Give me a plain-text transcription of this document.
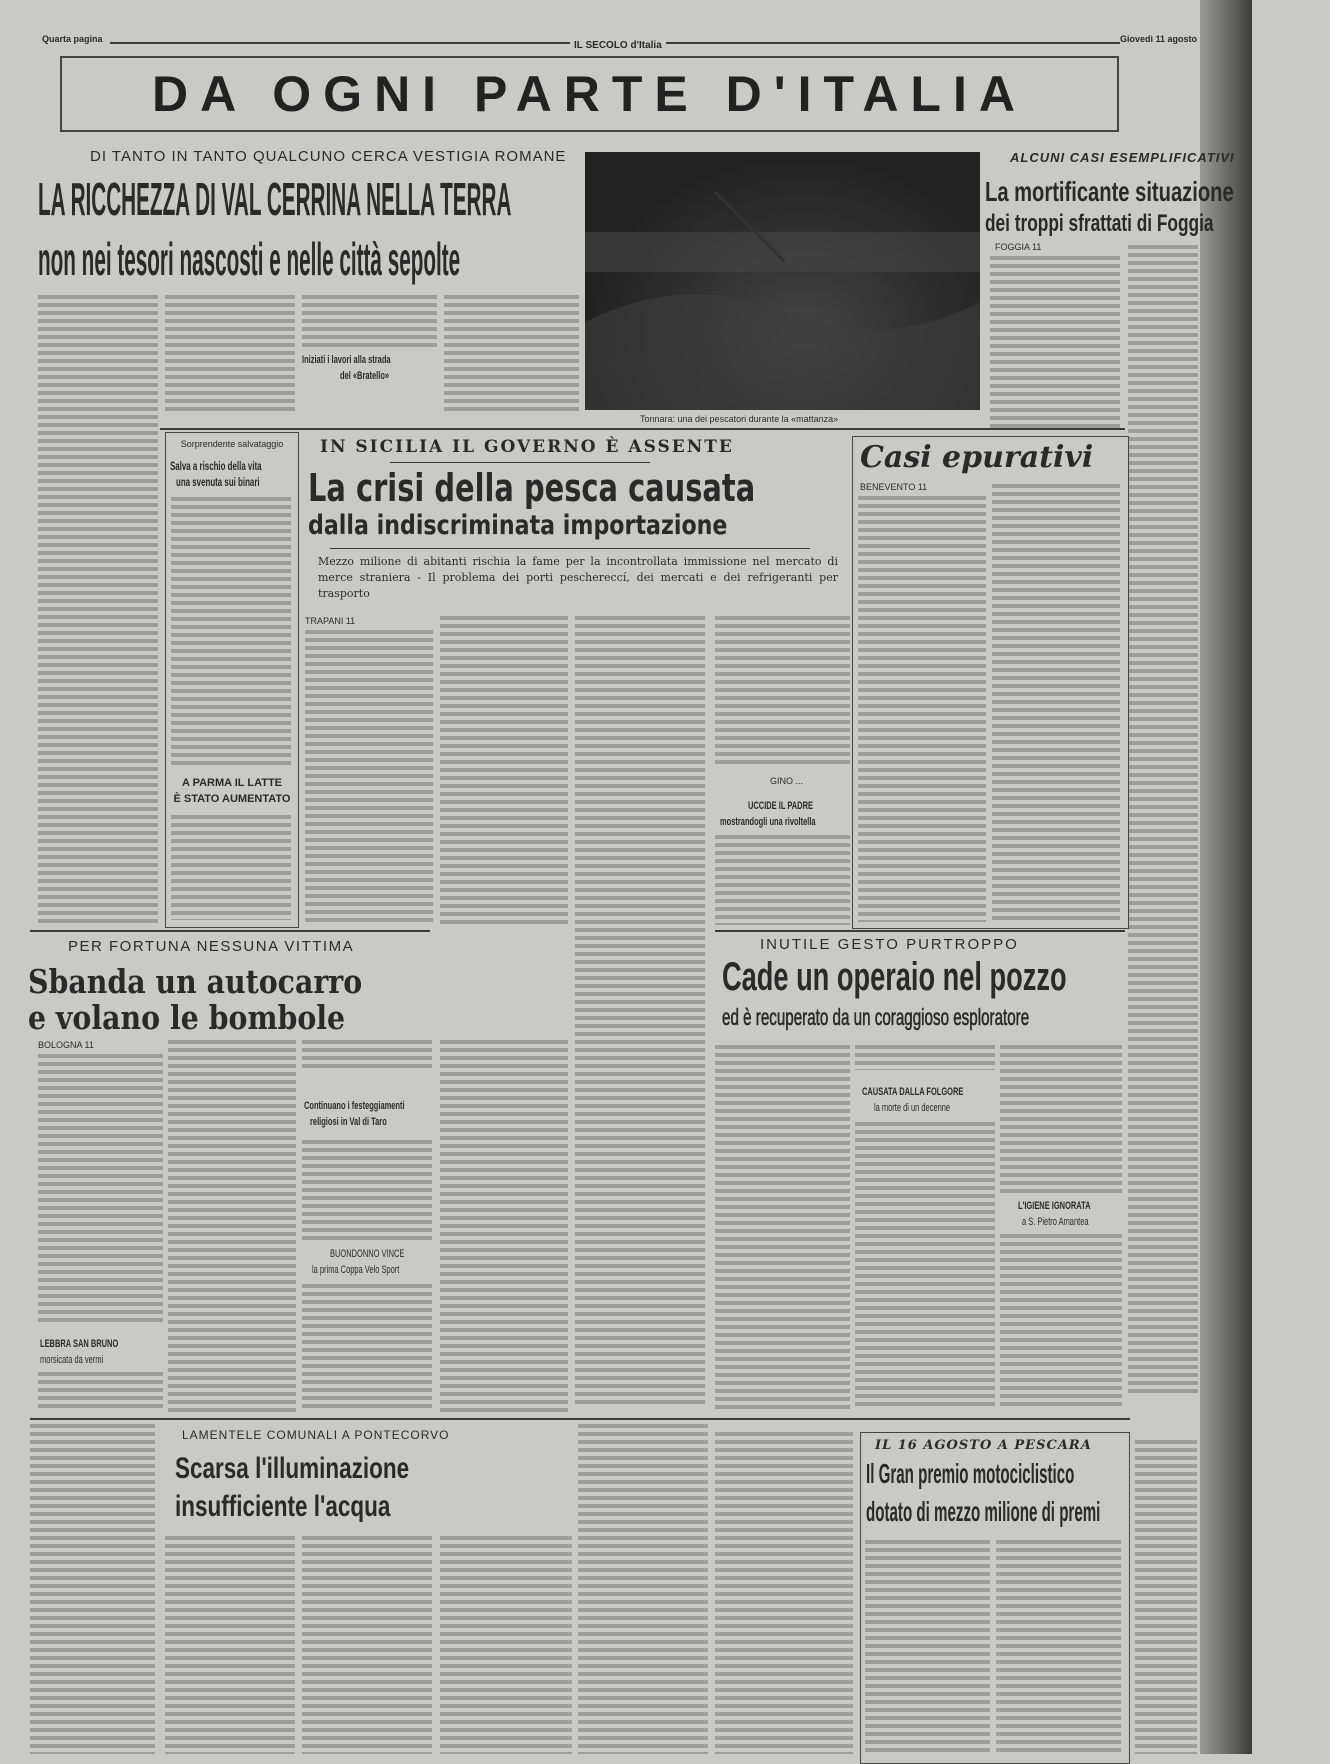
Quarta pagina
IL SECOLO d'Italia
Giovedì 11 agosto
DA OGNI PARTE D'ITALIA
DI TANTO IN TANTO QUALCUNO CERCA VESTIGIA ROMANE
LA RICCHEZZA DI VAL CERRINA NELLA TERRA
non nei tesori nascosti e nelle città sepolte
Iniziati i lavori alla strada
del «Bratello»
Tonnara: una dei pescatori durante la «mattanza»
ALCUNI CASI ESEMPLIFICATIVI
La mortificante situazione
dei troppi sfrattati di Foggia
FOGGIA 11
Sorprendente salvataggio
Salva a rischio della vita
una svenuta sui binari
A PARMA IL LATTE
È STATO AUMENTATO
IN SICILIA IL GOVERNO È ASSENTE
La crisi della pesca causata
dalla indiscriminata importazione
Mezzo milione di abitanti rischia la fame per la incontrollata immissione nel mercato di merce straniera - Il problema dei porti peschereccí, dei mercati e dei refrigeranti per trasporto
TRAPANI 11
GINO ...
UCCIDE IL PADRE
mostrandogli una rivoltella
Casi epurativi
BENEVENTO 11
PER FORTUNA NESSUNA VITTIMA
Sbanda un autocarro
e volano le bombole
BOLOGNA 11
LEBBRA SAN BRUNO
morsicata da vermi
Continuano i festeggiamenti
religiosi in Val di Taro
BUONDONNO VINCE
la prima Coppa Velo Sport
INUTILE GESTO PURTROPPO
Cade un operaio nel pozzo
ed è recuperato da un coraggioso esploratore
CAUSATA DALLA FOLGORE
la morte di un decenne
L'IGIENE IGNORATA
a S. Pietro Amantea
LAMENTELE COMUNALI A PONTECORVO
Scarsa l'illuminazione
insufficiente l'acqua
IL 16 AGOSTO A PESCARA
Il Gran premio motociclistico
dotato di mezzo milione di premi
